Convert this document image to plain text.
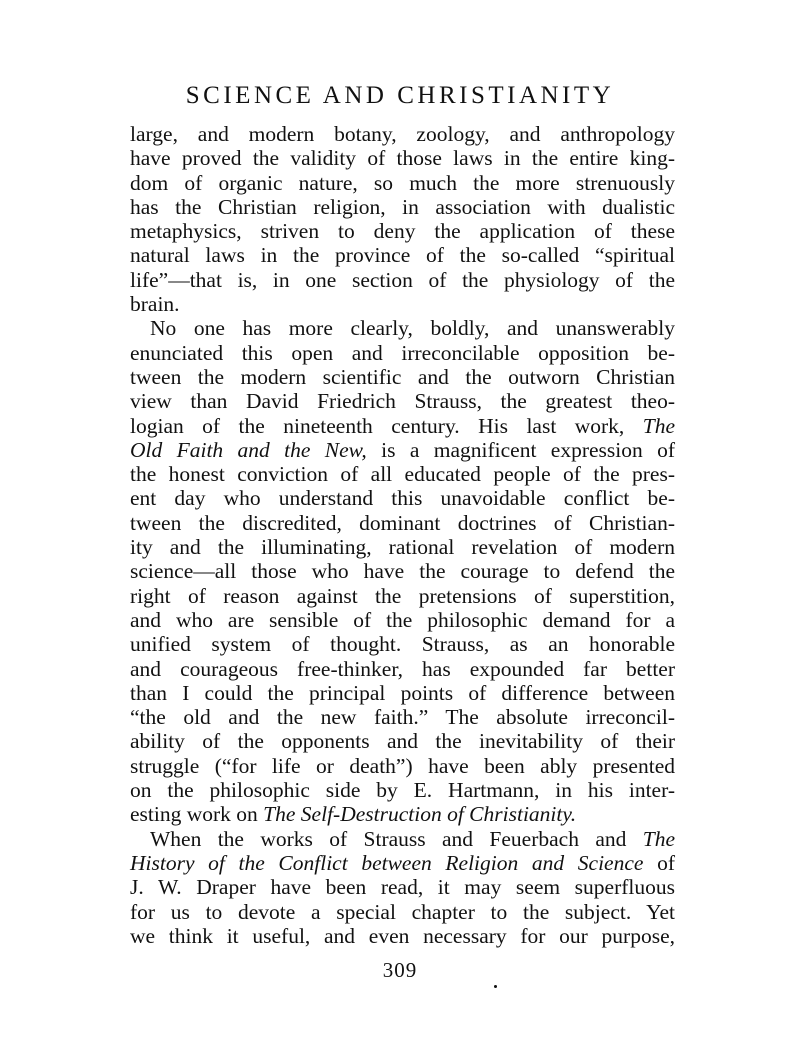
SCIENCE AND CHRISTIANITY
large, and modern botany, zoology, and anthropology
have proved the validity of those laws in the entire king-
dom of organic nature, so much the more strenuously
has the Christian religion, in association with dualistic
metaphysics, striven to deny the application of these
natural laws in the province of the so-called “spiritual
life”—that is, in one section of the physiology of the
brain.
No one has more clearly, boldly, and unanswerably
enunciated this open and irreconcilable opposition be-
tween the modern scientific and the outworn Christian
view than David Friedrich Strauss, the greatest theo-
logian of the nineteenth century. His last work, The
Old Faith and the New, is a magnificent expression of
the honest conviction of all educated people of the pres-
ent day who understand this unavoidable conflict be-
tween the discredited, dominant doctrines of Christian-
ity and the illuminating, rational revelation of modern
science—all those who have the courage to defend the
right of reason against the pretensions of superstition,
and who are sensible of the philosophic demand for a
unified system of thought. Strauss, as an honorable
and courageous free-thinker, has expounded far better
than I could the principal points of difference between
“the old and the new faith.” The absolute irreconcil-
ability of the opponents and the inevitability of their
struggle (“for life or death”) have been ably presented
on the philosophic side by E. Hartmann, in his inter-
esting work on The Self-Destruction of Christianity.
When the works of Strauss and Feuerbach and The
History of the Conflict between Religion and Science of
J. W. Draper have been read, it may seem superfluous
for us to devote a special chapter to the subject. Yet
we think it useful, and even necessary for our purpose,
309
